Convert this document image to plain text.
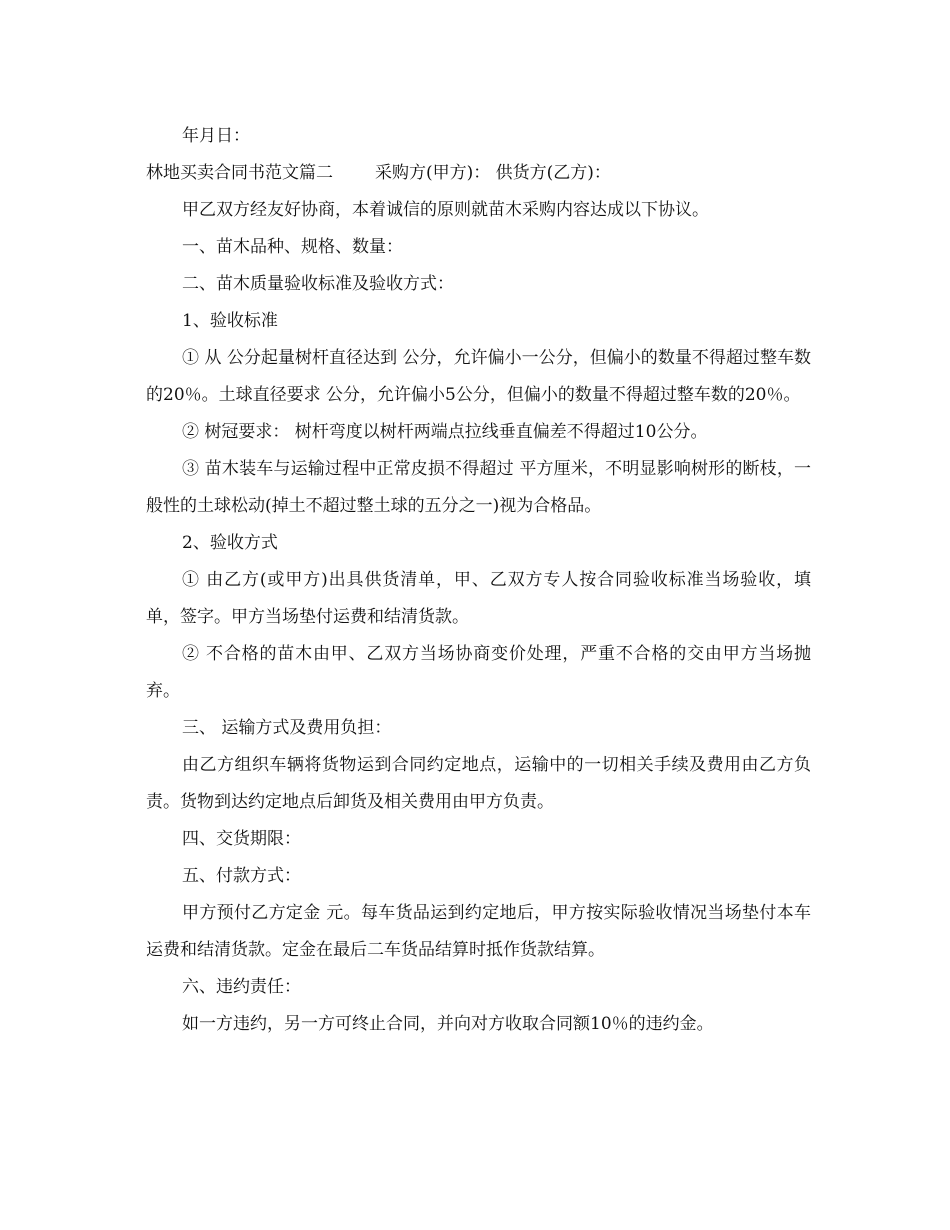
年月日：

林地买卖合同书范文篇二 采购方(甲方)： 供货方(乙方)：

甲乙双方经友好协商，本着诚信的原则就苗木采购内容达成以下协议。

一、苗木品种、规格、数量：

二、苗木质量验收标准及验收方式：

1、验收标准

① 从 公分起量树杆直径达到 公分，允许偏小一公分，但偏小的数量不得超过整车数的20％。土球直径要求 公分，允许偏小5公分，但偏小的数量不得超过整车数的20％。

② 树冠要求： 树杆弯度以树杆两端点拉线垂直偏差不得超过10公分。

③ 苗木装车与运输过程中正常皮损不得超过 平方厘米，不明显影响树形的断枝，一般性的土球松动(掉土不超过整土球的五分之一)视为合格品。

2、验收方式

① 由乙方(或甲方)出具供货清单，甲、乙双方专人按合同验收标准当场验收，填单，签字。甲方当场垫付运费和结清货款。

② 不合格的苗木由甲、乙双方当场协商变价处理，严重不合格的交由甲方当场抛弃。

三、 运输方式及费用负担：

由乙方组织车辆将货物运到合同约定地点，运输中的一切相关手续及费用由乙方负责。货物到达约定地点后卸货及相关费用由甲方负责。

四、交货期限：

五、付款方式：

甲方预付乙方定金 元。每车货品运到约定地后，甲方按实际验收情况当场垫付本车运费和结清货款。定金在最后二车货品结算时抵作货款结算。

六、违约责任：

如一方违约，另一方可终止合同，并向对方收取合同额10％的违约金。
